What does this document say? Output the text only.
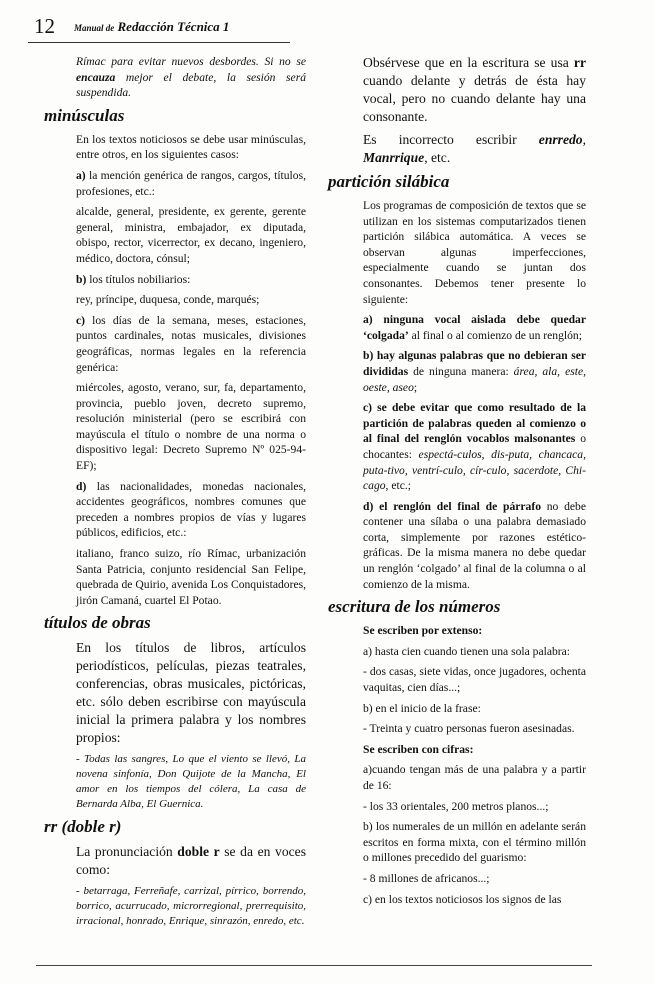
12 Manual de Redacción Técnica 1

Rímac para evitar nuevos desbordes. Si no se encauza mejor el debate, la sesión será suspendida.

minúsculas

En los textos noticiosos se debe usar minúsculas, entre otros, en los siguientes casos:

a) la mención genérica de rangos, cargos, títulos, profesiones, etc.:

alcalde, general, presidente, ex gerente, gerente general, ministra, embajador, ex diputada, obispo, rector, vicerrector, ex decano, ingeniero, médico, doctora, cónsul;

b) los títulos nobiliarios:

rey, príncipe, duquesa, conde, marqués;

c) los días de la semana, meses, estaciones, puntos cardinales, notas musicales, divisiones geográficas, normas legales en la referencia genérica:

miércoles, agosto, verano, sur, fa, departamento, provincia, pueblo joven, decreto supremo, resolución ministerial (pero se escribirá con mayúscula el título o nombre de una norma o dispositivo legal: Decreto Supremo Nº 025-94-EF);

d) las nacionalidades, monedas nacionales, accidentes geográficos, nombres comunes que preceden a nombres propios de vías y lugares públicos, edificios, etc.:

italiano, franco suizo, río Rímac, urbanización Santa Patricia, conjunto residencial San Felipe, quebrada de Quirio, avenida Los Conquistadores, jirón Camaná, cuartel El Potao.

títulos de obras

En los títulos de libros, artículos periodísticos, películas, piezas teatrales, conferencias, obras musicales, pictóricas, etc. sólo deben escribirse con mayúscula inicial la primera palabra y los nombres propios:

- Todas las sangres, Lo que el viento se llevó, La novena sinfonía, Don Quijote de la Mancha, El amor en los tiempos del cólera, La casa de Bernarda Alba, El Guernica.

rr (doble r)

La pronunciación doble r se da en voces como:

- betarraga, Ferreñafe, carrizal, pírrico, borrendo, borrico, acurrucado, microrregional, prerrequisito, irracional, honrado, Enrique, sinrazón, enredo, etc.

Obsérvese que en la escritura se usa rr cuando delante y detrás de ésta hay vocal, pero no cuando delante hay una consonante.

Es incorrecto escribir enrredo, Manrrique, etc.

partición silábica

Los programas de composición de textos que se utilizan en los sistemas computarizados tienen partición silábica automática. A veces se observan algunas imperfecciones, especialmente cuando se juntan dos consonantes. Debemos tener presente lo siguiente:

a) ninguna vocal aislada debe quedar ‘colgada’ al final o al comienzo de un renglón;

b) hay algunas palabras que no debieran ser divididas de ninguna manera: área, ala, este, oeste, aseo;

c) se debe evitar que como resultado de la partición de palabras queden al comienzo o al final del renglón vocablos malsonantes o chocantes: espectá-culos, dis-puta, chancaca, puta-tivo, ventrí-culo, cír-culo, sacerdote, Chi-cago, etc.;

d) el renglón del final de párrafo no debe contener una sílaba o una palabra demasiado corta, simplemente por razones estético-gráficas. De la misma manera no debe quedar un renglón ‘colgado’ al final de la columna o al comienzo de la misma.

escritura de los números

Se escriben por extenso:

a) hasta cien cuando tienen una sola palabra:

- dos casas, siete vidas, once jugadores, ochenta vaquitas, cien días...;

b) en el inicio de la frase:

- Treinta y cuatro personas fueron asesinadas.

Se escriben con cifras:

a)cuando tengan más de una palabra y a partir de 16:

- los 33 orientales, 200 metros planos...;

b) los numerales de un millón en adelante serán escritos en forma mixta, con el término millón o millones precedido del guarismo:

- 8 millones de africanos...;

c) en los textos noticiosos los signos de las
